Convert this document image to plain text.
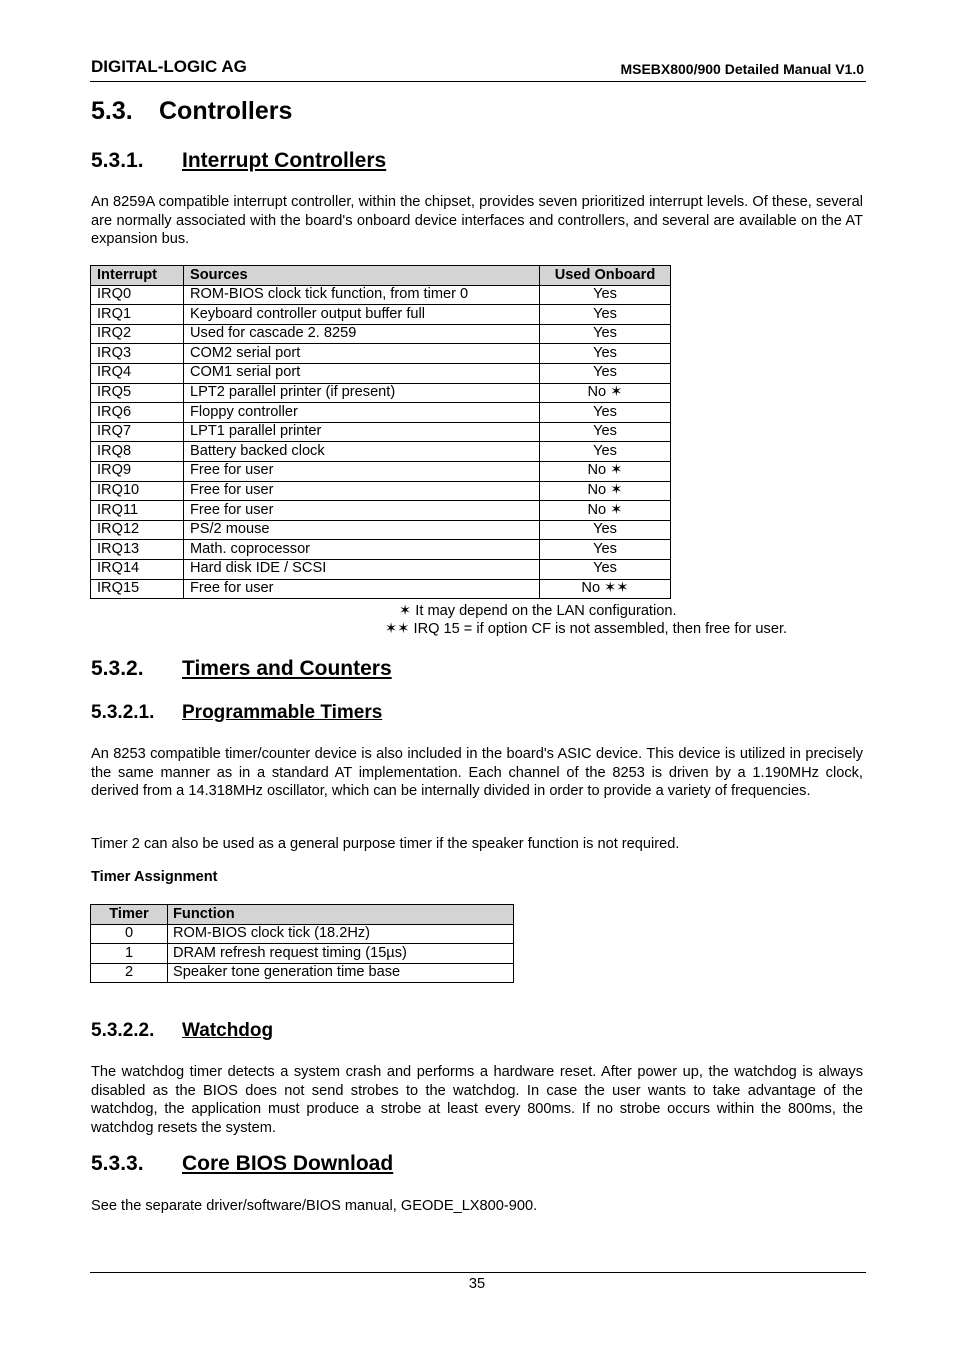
DIGITAL-LOGIC AG	MSEBX800/900 Detailed Manual V1.0
5.3. Controllers
5.3.1. Interrupt Controllers

An 8259A compatible interrupt controller, within the chipset, provides seven prioritized interrupt levels. Of these, several are normally associated with the board's onboard device interfaces and controllers, and several are available on the AT expansion bus.

Interrupt	Sources	Used Onboard
IRQ0	ROM-BIOS clock tick function, from timer 0	Yes
IRQ1	Keyboard controller output buffer full	Yes
IRQ2	Used for cascade 2. 8259	Yes
IRQ3	COM2 serial port	Yes
IRQ4	COM1 serial port	Yes
IRQ5	LPT2 parallel printer (if present)	No ✶
IRQ6	Floppy controller	Yes
IRQ7	LPT1 parallel printer	Yes
IRQ8	Battery backed clock	Yes
IRQ9	Free for user	No ✶
IRQ10	Free for user	No ✶
IRQ11	Free for user	No ✶
IRQ12	PS/2 mouse	Yes
IRQ13	Math. coprocessor	Yes
IRQ14	Hard disk IDE / SCSI	Yes
IRQ15	Free for user	No ✶✶
✶ It may depend on the LAN configuration.
✶✶ IRQ 15 = if option CF is not assembled, then free for user.
5.3.2. Timers and Counters
5.3.2.1. Programmable Timers

An 8253 compatible timer/counter device is also included in the board's ASIC device. This device is utilized in precisely the same manner as in a standard AT implementation. Each channel of the 8253 is driven by a 1.190MHz clock, derived from a 14.318MHz oscillator, which can be internally divided in order to provide a variety of frequencies.

Timer 2 can also be used as a general purpose timer if the speaker function is not required.

Timer Assignment

Timer	Function
0	ROM-BIOS clock tick (18.2Hz)
1	DRAM refresh request timing (15µs)
2	Speaker tone generation time base
5.3.2.2. Watchdog

The watchdog timer detects a system crash and performs a hardware reset. After power up, the watchdog is always disabled as the BIOS does not send strobes to the watchdog. In case the user wants to take advantage of the watchdog, the application must produce a strobe at least every 800ms. If no strobe occurs within the 800ms, the watchdog resets the system.

5.3.3. Core BIOS Download

See the separate driver/software/BIOS manual, GEODE_LX800-900.

35
